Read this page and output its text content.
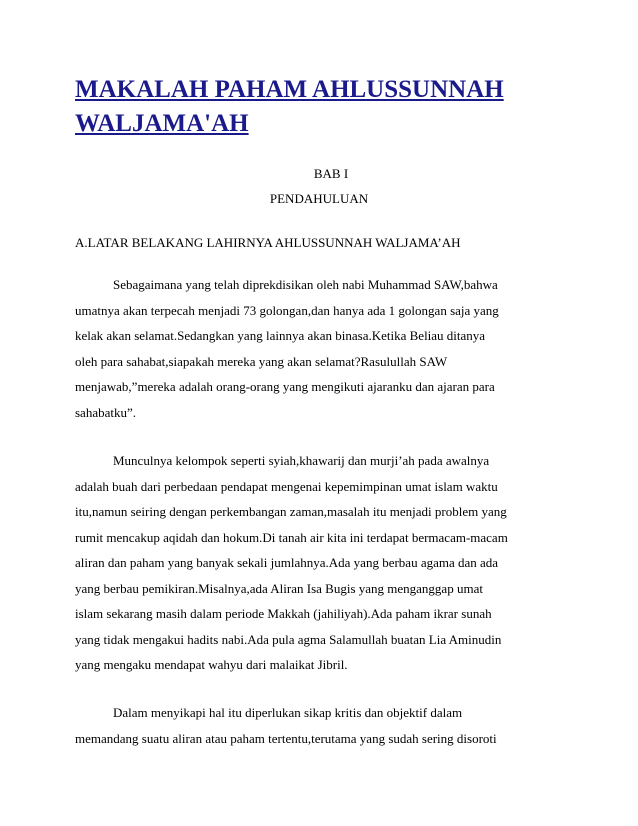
MAKALAH PAHAM AHLUSSUNNAH
WALJAMA'AH
BAB I
PENDAHULUAN
A.LATAR BELAKANG LAHIRNYA AHLUSSUNNAH WALJAMA’AH
Sebagaimana yang telah diprekdisikan oleh nabi Muhammad SAW,bahwa
umatnya akan terpecah menjadi 73 golongan,dan hanya ada 1 golongan saja yang
kelak akan selamat.Sedangkan yang lainnya akan binasa.Ketika Beliau ditanya
oleh para sahabat,siapakah mereka yang akan selamat?Rasulullah SAW
menjawab,”mereka adalah orang-orang yang mengikuti ajaranku dan ajaran para
sahabatku”.
Munculnya kelompok seperti syiah,khawarij dan murji’ah pada awalnya
adalah buah dari perbedaan pendapat mengenai kepemimpinan umat islam waktu
itu,namun seiring dengan perkembangan zaman,masalah itu menjadi problem yang
rumit mencakup aqidah dan hokum.Di tanah air kita ini terdapat bermacam-macam
aliran dan paham yang banyak sekali jumlahnya.Ada yang berbau agama dan ada
yang berbau pemikiran.Misalnya,ada Aliran Isa Bugis yang menganggap umat
islam sekarang masih dalam periode Makkah (jahiliyah).Ada paham ikrar sunah
yang tidak mengakui hadits nabi.Ada pula agma Salamullah buatan Lia Aminudin
yang mengaku mendapat wahyu dari malaikat Jibril.
Dalam menyikapi hal itu diperlukan sikap kritis dan objektif dalam
memandang suatu aliran atau paham tertentu,terutama yang sudah sering disoroti
